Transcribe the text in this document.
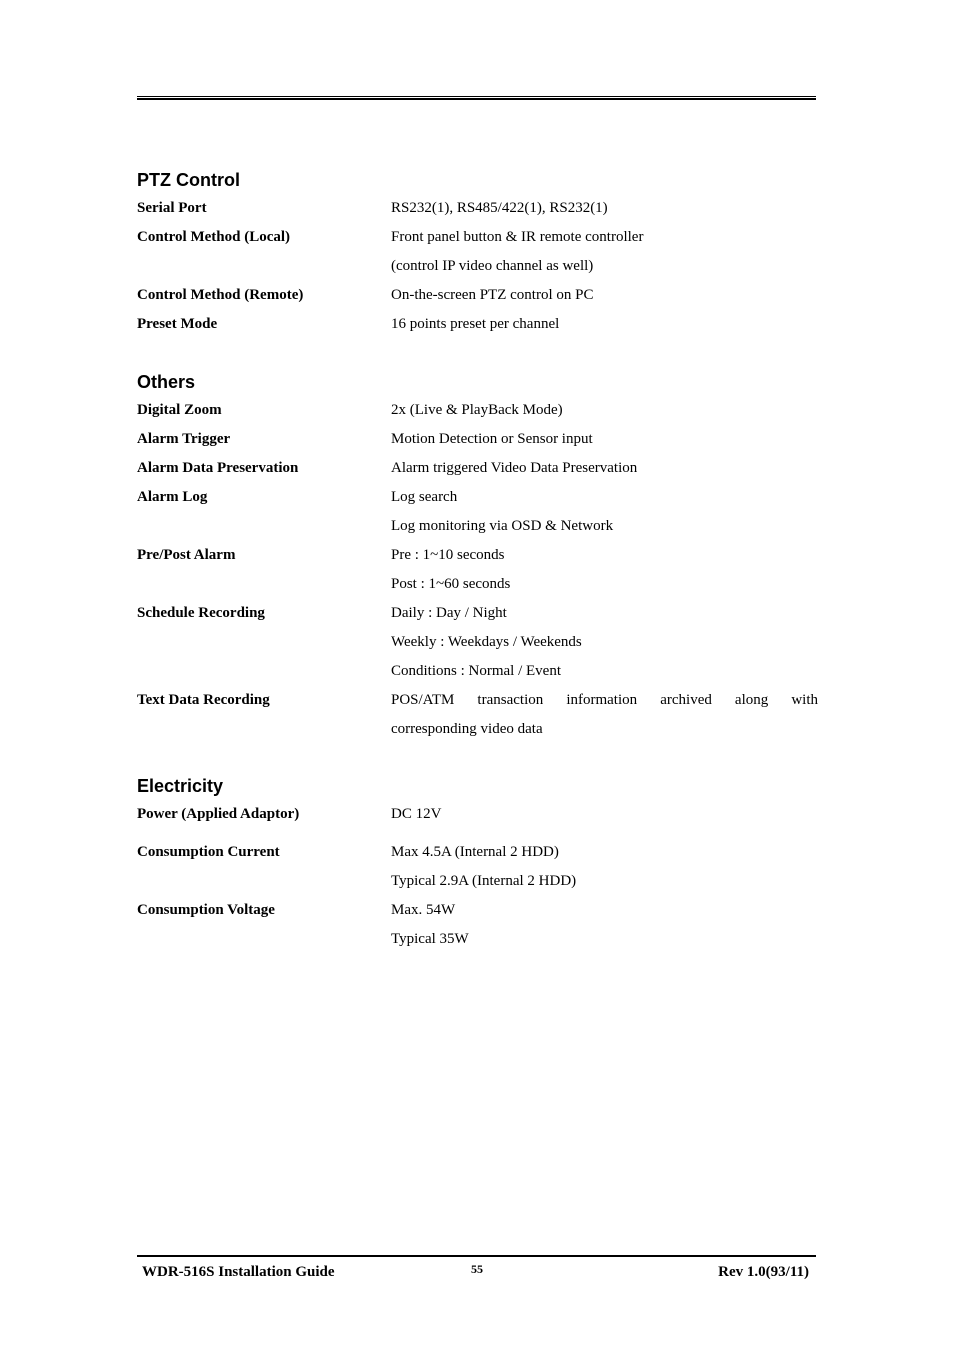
PTZ Control
Serial Port	RS232(1), RS485/422(1), RS232(1)
Control Method (Local)	Front panel button & IR remote controller
(control IP video channel as well)
Control Method (Remote)	On-the-screen PTZ control on PC
Preset Mode	16 points preset per channel
Others
Digital Zoom	2x (Live & PlayBack Mode)
Alarm Trigger	Motion Detection or Sensor input
Alarm Data Preservation	Alarm triggered Video Data Preservation
Alarm Log	Log search
Log monitoring via OSD & Network
Pre/Post Alarm	Pre : 1~10 seconds
Post : 1~60 seconds
Schedule Recording	Daily : Day / Night
Weekly : Weekdays / Weekends
Conditions : Normal / Event
Text Data Recording	POS/ATM transaction information archived along with
corresponding video data
Electricity
Power (Applied Adaptor)	DC 12V
Consumption Current	Max 4.5A (Internal 2 HDD)
Typical 2.9A (Internal 2 HDD)
Consumption Voltage	Max. 54W
Typical 35W
WDR-516S Installation Guide	55	Rev 1.0(93/11)
